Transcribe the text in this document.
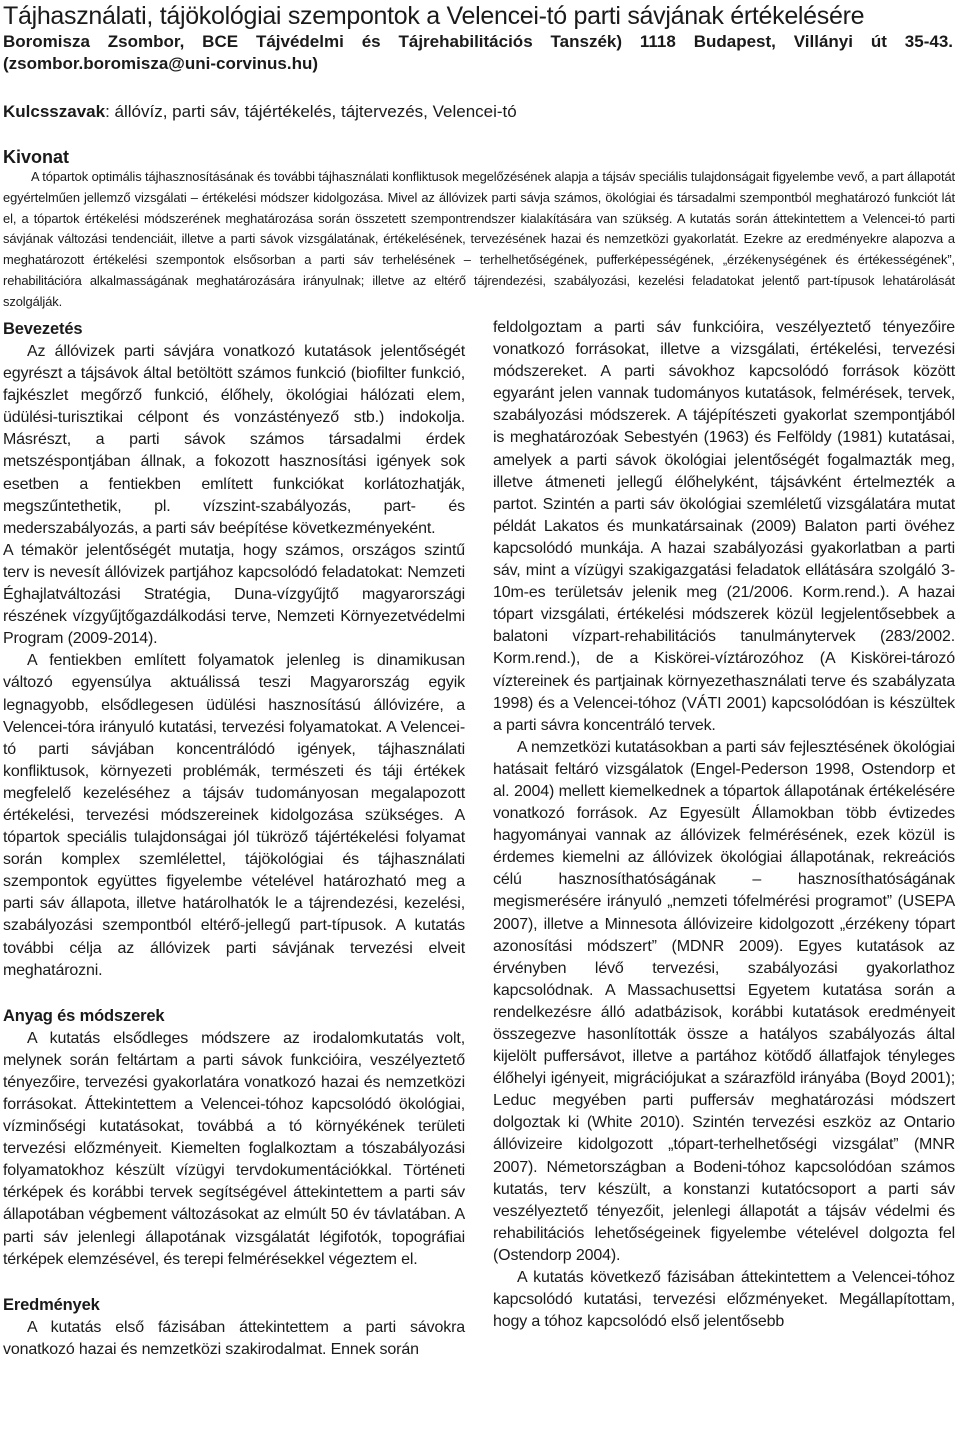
Tájhasználati, tájökológiai szempontok a Velencei-tó parti sávjának értékelésére
Boromisza Zsombor, BCE Tájvédelmi és Tájrehabilitációs Tanszék) 1118 Budapest, Villányi út 35-43. (zsombor.boromisza@uni-corvinus.hu)
Kulcsszavak: állóvíz, parti sáv, tájértékelés, tájtervezés, Velencei-tó
Kivonat
A tópartok optimális tájhasznosításának és további tájhasználati konfliktusok megelőzésének alapja a tájsáv speciális tulajdonságait figyelembe vevő, a part állapotát egyértelműen jellemző vizsgálati – értékelési módszer kidolgozása. Mivel az állóvizek parti sávja számos, ökológiai és társadalmi szempontból meghatározó funkciót lát el, a tópartok értékelési módszerének meghatározása során összetett szempontrendszer kialakítására van szükség. A kutatás során áttekintettem a Velencei-tó parti sávjának változási tendenciáit, illetve a parti sávok vizsgálatának, értékelésének, tervezésének hazai és nemzetközi gyakorlatát. Ezekre az eredményekre alapozva a meghatározott értékelési szempontok elsősorban a parti sáv terhelésének – terhelhetőségének, pufferképességének, „érzékenységének és értékességének”, rehabilitációra alkalmasságának meghatározására irányulnak; illetve az eltérő tájrendezési, szabályozási, kezelési feladatokat jelentő part-típusok lehatárolását szolgálják.
Bevezetés

Az állóvizek parti sávjára vonatkozó kutatások jelentőségét egyrészt a tájsávok által betöltött számos funkció (biofilter funkció, fajkészlet megőrző funkció, élőhely, ökológiai hálózati elem, üdülési-turisztikai célpont és vonzástényező stb.) indokolja. Másrészt, a parti sávok számos társadalmi érdek metszéspontjában állnak, a fokozott hasznosítási igények sok esetben a fentiekben említett funkciókat korlátozhatják, megszűntethetik, pl. vízszint-szabályozás, part- és mederszabályozás, a parti sáv beépítése következményeként.

A témakör jelentőségét mutatja, hogy számos, országos szintű terv is nevesít állóvizek partjához kapcsolódó feladatokat: Nemzeti Éghajlatváltozási Stratégia, Duna-vízgyűjtő magyarországi részének vízgyűjtőgazdálkodási terve, Nemzeti Környezetvédelmi Program (2009-2014).

A fentiekben említett folyamatok jelenleg is dinamikusan változó egyensúlya aktuálissá teszi Magyarország egyik legnagyobb, elsődlegesen üdülési hasznosítású állóvizére, a Velencei-tóra irányuló kutatási, tervezési folyamatokat. A Velencei-tó parti sávjában koncentrálódó igények, tájhasználati konfliktusok, környezeti problémák, természeti és táji értékek megfelelő kezeléséhez a tájsáv tudományosan megalapozott értékelési, tervezési módszereinek kidolgozása szükséges. A tópartok speciális tulajdonságai jól tükröző tájértékelési folyamat során komplex szemlélettel, tájökológiai és tájhasználati szempontok együttes figyelembe vételével határozható meg a parti sáv állapota, illetve határolhatók le a tájrendezési, kezelési, szabályozási szempontból eltérő-jellegű part-típusok. A kutatás további célja az állóvizek parti sávjának tervezési elveit meghatározni.

Anyag és módszerek

A kutatás elsődleges módszere az irodalomkutatás volt, melynek során feltártam a parti sávok funkcióira, veszélyeztető tényezőire, tervezési gyakorlatára vonatkozó hazai és nemzetközi forrásokat. Áttekintettem a Velencei-tóhoz kapcsolódó ökológiai, vízminőségi kutatásokat, továbbá a tó környékének területi tervezési előzményeit. Kiemelten foglalkoztam a tószabályozási folyamatokhoz készült vízügyi tervdokumentációkkal. Történeti térképek és korábbi tervek segítségével áttekintettem a parti sáv állapotában végbement változásokat az elmúlt 50 év távlatában. A parti sáv jelenlegi állapotának vizsgálatát légifotók, topográfiai térképek elemzésével, és terepi felmérésekkel végeztem el.

Eredmények

A kutatás első fázisában áttekintettem a parti sávokra vonatkozó hazai és nemzetközi szakirodalmat. Ennek során

feldolgoztam a parti sáv funkcióira, veszélyeztető tényezőire vonatkozó forrásokat, illetve a vizsgálati, értékelési, tervezési módszereket. A parti sávokhoz kapcsolódó források között egyaránt jelen vannak tudományos kutatások, felmérések, tervek, szabályozási módszerek. A tájépítészeti gyakorlat szempontjából is meghatározóak Sebestyén (1963) és Felföldy (1981) kutatásai, amelyek a parti sávok ökológiai jelentőségét fogalmazták meg, illetve átmeneti jellegű élőhelyként, tájsávként értelmezték a partot. Szintén a parti sáv ökológiai szemléletű vizsgálatára mutat példát Lakatos és munkatársainak (2009) Balaton parti övéhez kapcsolódó munkája. A hazai szabályozási gyakorlatban a parti sáv, mint a vízügyi szakigazgatási feladatok ellátására szolgáló 3-10m-es területsáv jelenik meg (21/2006. Korm.rend.). A hazai tópart vizsgálati, értékelési módszerek közül legjelentősebbek a balatoni vízpart-rehabilitációs tanulmánytervek (283/2002. Korm.rend.), de a Kiskörei-víztározóhoz (A Kiskörei-tározó víztereinek és partjainak környezethasználati terve és szabályzata 1998) és a Velencei-tóhoz (VÁTI 2001) kapcsolódóan is készültek a parti sávra koncentráló tervek.

A nemzetközi kutatásokban a parti sáv fejlesztésének ökológiai hatásait feltáró vizsgálatok (Engel-Pederson 1998, Ostendorp et al. 2004) mellett kiemelkednek a tópartok állapotának értékelésére vonatkozó források. Az Egyesült Államokban több évtizedes hagyományai vannak az állóvizek felmérésének, ezek közül is érdemes kiemelni az állóvizek ökológiai állapotának, rekreációs célú hasznosíthatóságának – hasznosíthatóságának megismerésére irányuló „nemzeti tófelmérési programot” (USEPA 2007), illetve a Minnesota állóvizeire kidolgozott „érzékeny tópart azonosítási módszert” (MDNR 2009). Egyes kutatások az érvényben lévő tervezési, szabályozási gyakorlathoz kapcsolódnak. A Massachusettsi Egyetem kutatása során a rendelkezésre álló adatbázisok, korábbi kutatások eredményeit összegezve hasonlították össze a hatályos szabályozás által kijelölt puffersávot, illetve a partához kötődő állatfajok tényleges élőhelyi igényeit, migrációjukat a szárazföld irányába (Boyd 2001); Leduc megyében parti puffersáv meghatározási módszert dolgoztak ki (White 2010). Szintén tervezési eszköz az Ontario állóvizeire kidolgozott „tópart-terhelhetőségi vizsgálat” (MNR 2007). Németországban a Bodeni-tóhoz kapcsolódóan számos kutatás, terv készült, a konstanzi kutatócsoport a parti sáv veszélyeztető tényezőit, jelenlegi állapotát a tájsáv védelmi és rehabilitációs lehetőségeinek figyelembe vételével dolgozta fel (Ostendorp 2004).

A kutatás következő fázisában áttekintettem a Velencei-tóhoz kapcsolódó kutatási, tervezési előzményeket. Megállapítottam, hogy a tóhoz kapcsolódó első jelentősebb
